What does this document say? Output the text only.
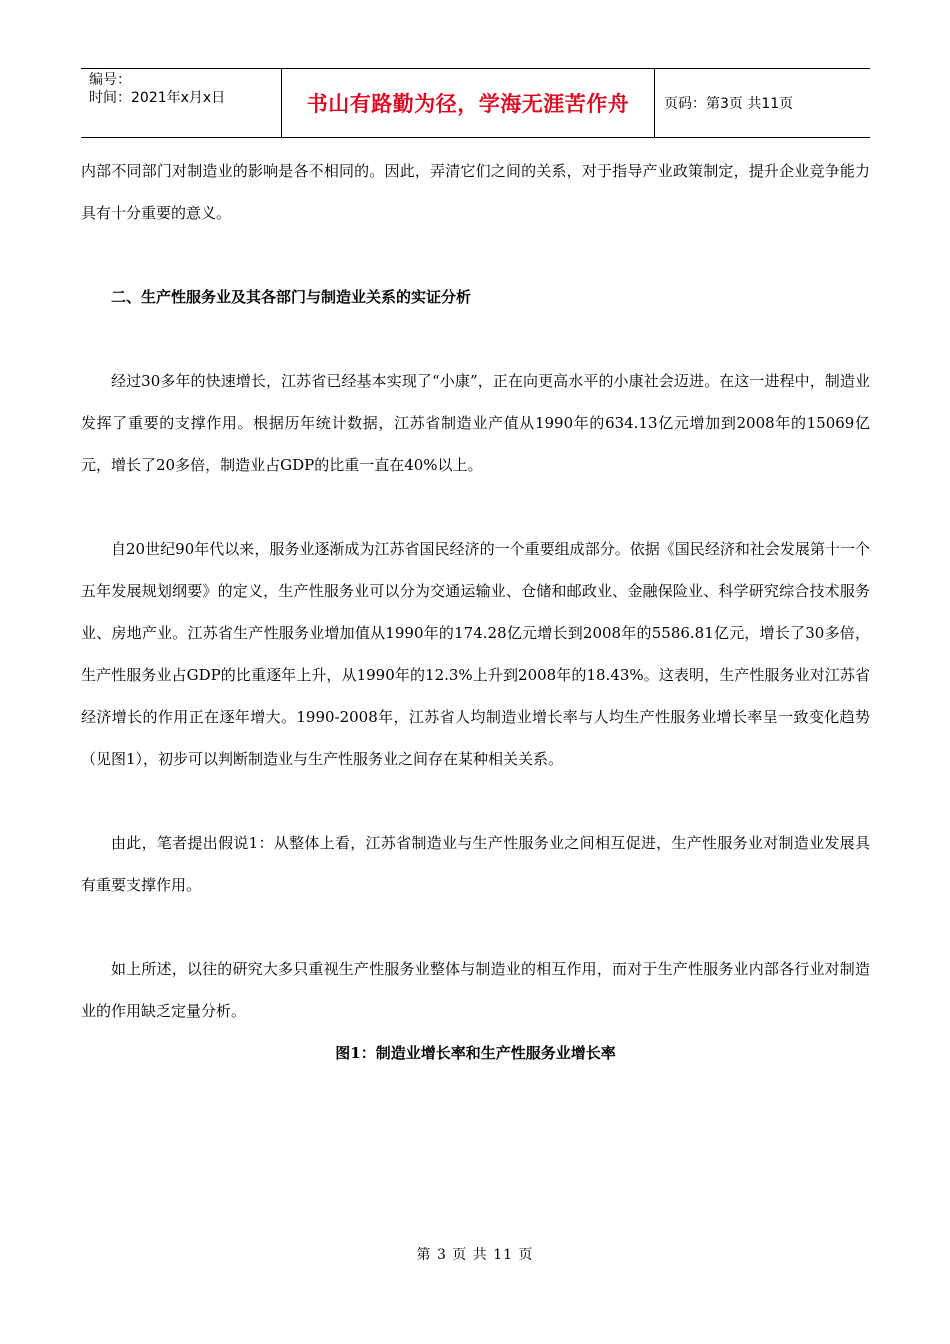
编号：
时间：2021年x月x日	书山有路勤为径，学海无涯苦作舟	页码：第3页 共11页

内部不同部门对制造业的影响是各不相同的。因此，弄清它们之间的关系，对于指导产业政策制定，提升企业竞争能力具有十分重要的意义。

二、生产性服务业及其各部门与制造业关系的实证分析

经过30多年的快速增长，江苏省已经基本实现了“小康”，正在向更高水平的小康社会迈进。在这一进程中，制造业发挥了重要的支撑作用。根据历年统计数据，江苏省制造业产值从1990年的634.13亿元增加到2008年的15069亿元，增长了20多倍，制造业占GDP的比重一直在40%以上。

自20世纪90年代以来，服务业逐渐成为江苏省国民经济的一个重要组成部分。依据《国民经济和社会发展第十一个五年发展规划纲要》的定义，生产性服务业可以分为交通运输业、仓储和邮政业、金融保险业、科学研究综合技术服务业、房地产业。江苏省生产性服务业增加值从1990年的174.28亿元增长到2008年的5586.81亿元，增长了30多倍，生产性服务业占GDP的比重逐年上升，从1990年的12.3%上升到2008年的18.43%。这表明，生产性服务业对江苏省经济增长的作用正在逐年增大。1990-2008年，江苏省人均制造业增长率与人均生产性服务业增长率呈一致变化趋势（见图1），初步可以判断制造业与生产性服务业之间存在某种相关关系。

由此，笔者提出假说1：从整体上看，江苏省制造业与生产性服务业之间相互促进，生产性服务业对制造业发展具有重要支撑作用。

如上所述，以往的研究大多只重视生产性服务业整体与制造业的相互作用，而对于生产性服务业内部各行业对制造业的作用缺乏定量分析。

图1：制造业增长率和生产性服务业增长率
第 3 页 共 11 页
